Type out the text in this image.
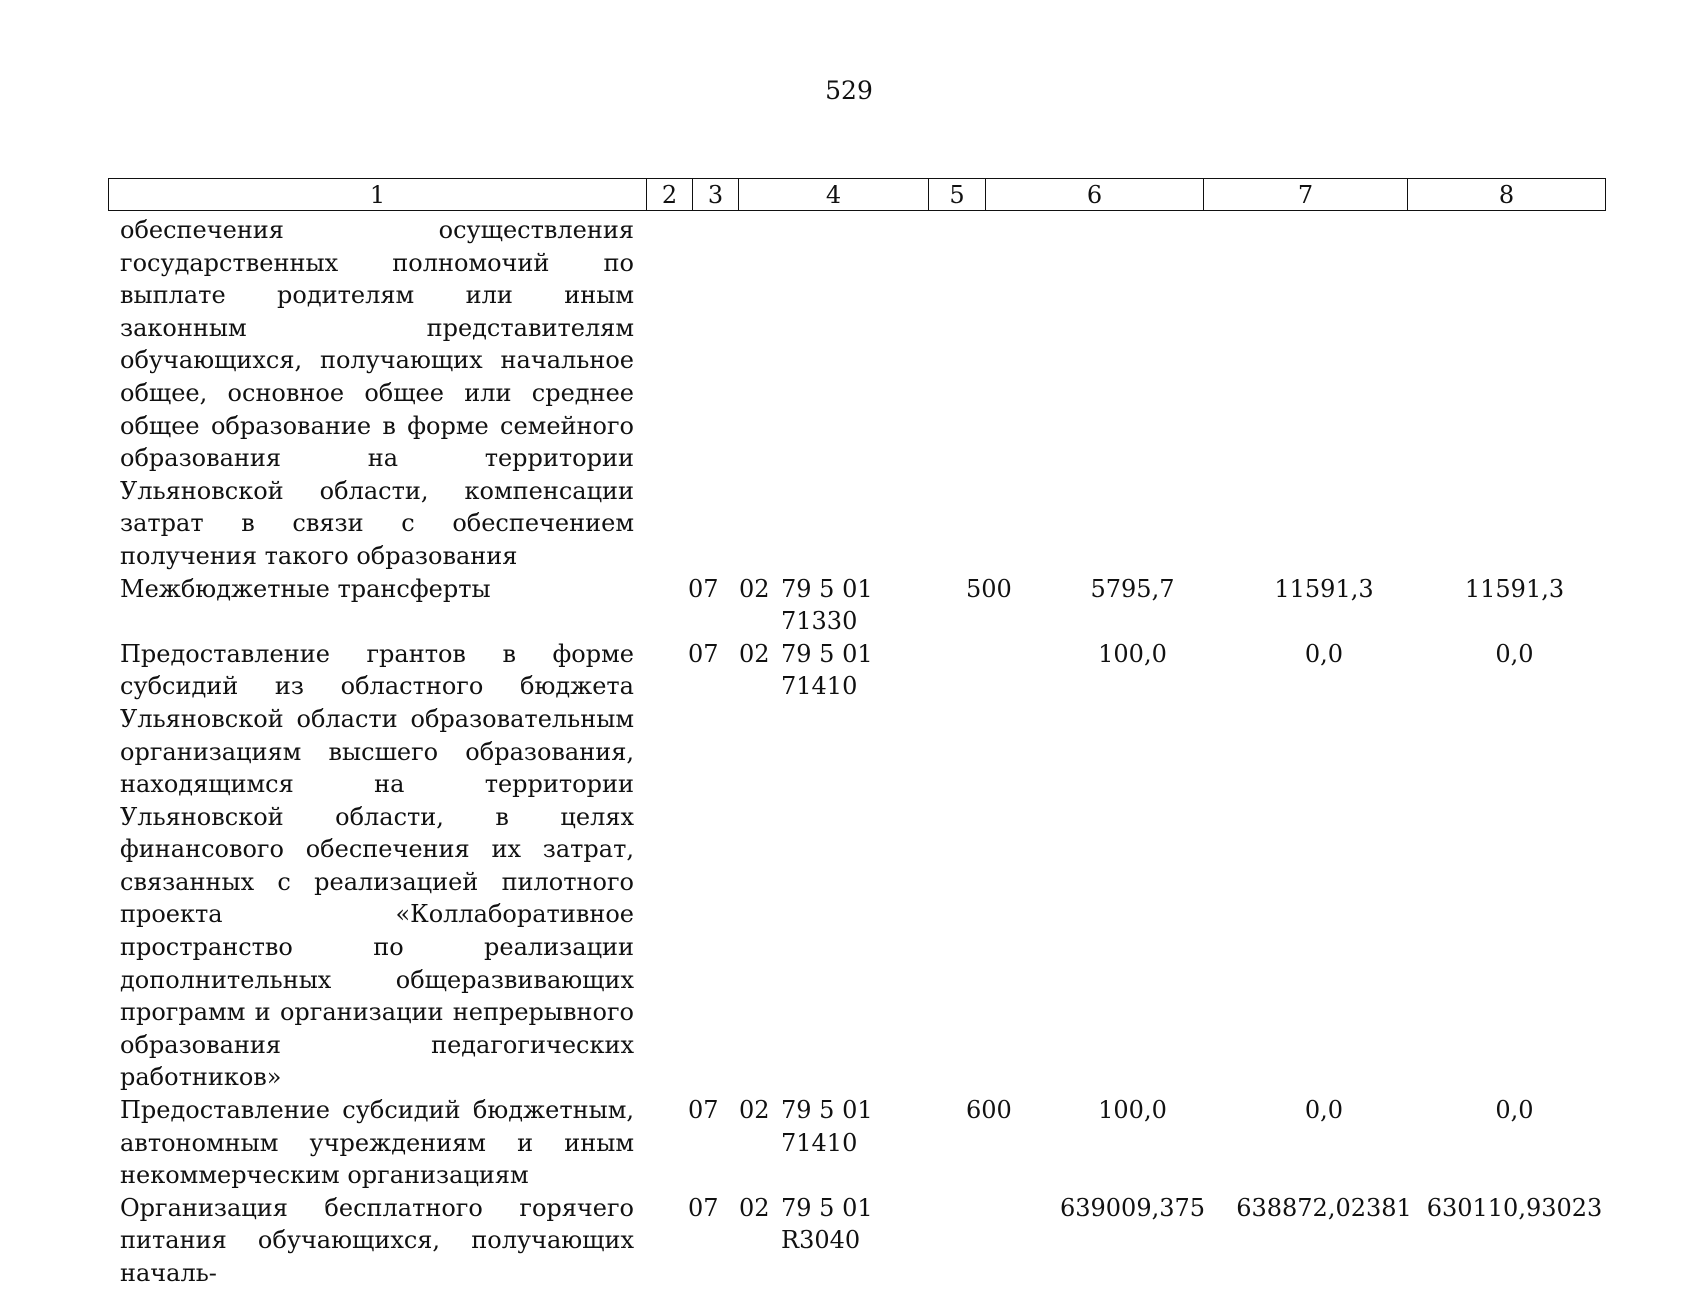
529
1	2	3	4	5	6	7	8
обеспечения осуществления государственных полномочий по выплате родителям или иным законным представителям обучающихся, получающих начальное общее, основное общее или среднее общее образование в форме семейного образования на территории Ульяновской области, компенсации затрат в связи с обеспечением получения такого образования							
Межбюджетные трансферты	07	02	79 5 01 71330	500	5795,7	11591,3	11591,3
Предоставление грантов в форме субсидий из областного бюджета Ульяновской области образовательным организациям высшего образования, находящимся на территории Ульяновской области, в целях финансового обеспечения их затрат, связанных с реализацией пилотного проекта «Коллаборативное пространство по реализации дополнительных общеразвивающих программ и организации непрерывного образования педагогических работников»	07	02	79 5 01 71410		100,0	0,0	0,0
Предоставление субсидий бюджетным, автономным учреждениям и иным некоммерческим организациям	07	02	79 5 01 71410	600	100,0	0,0	0,0
Организация бесплатного горячего питания обучающихся, получающих началь-	07	02	79 5 01 R3040		639009,375	638872,02381	630110,93023
